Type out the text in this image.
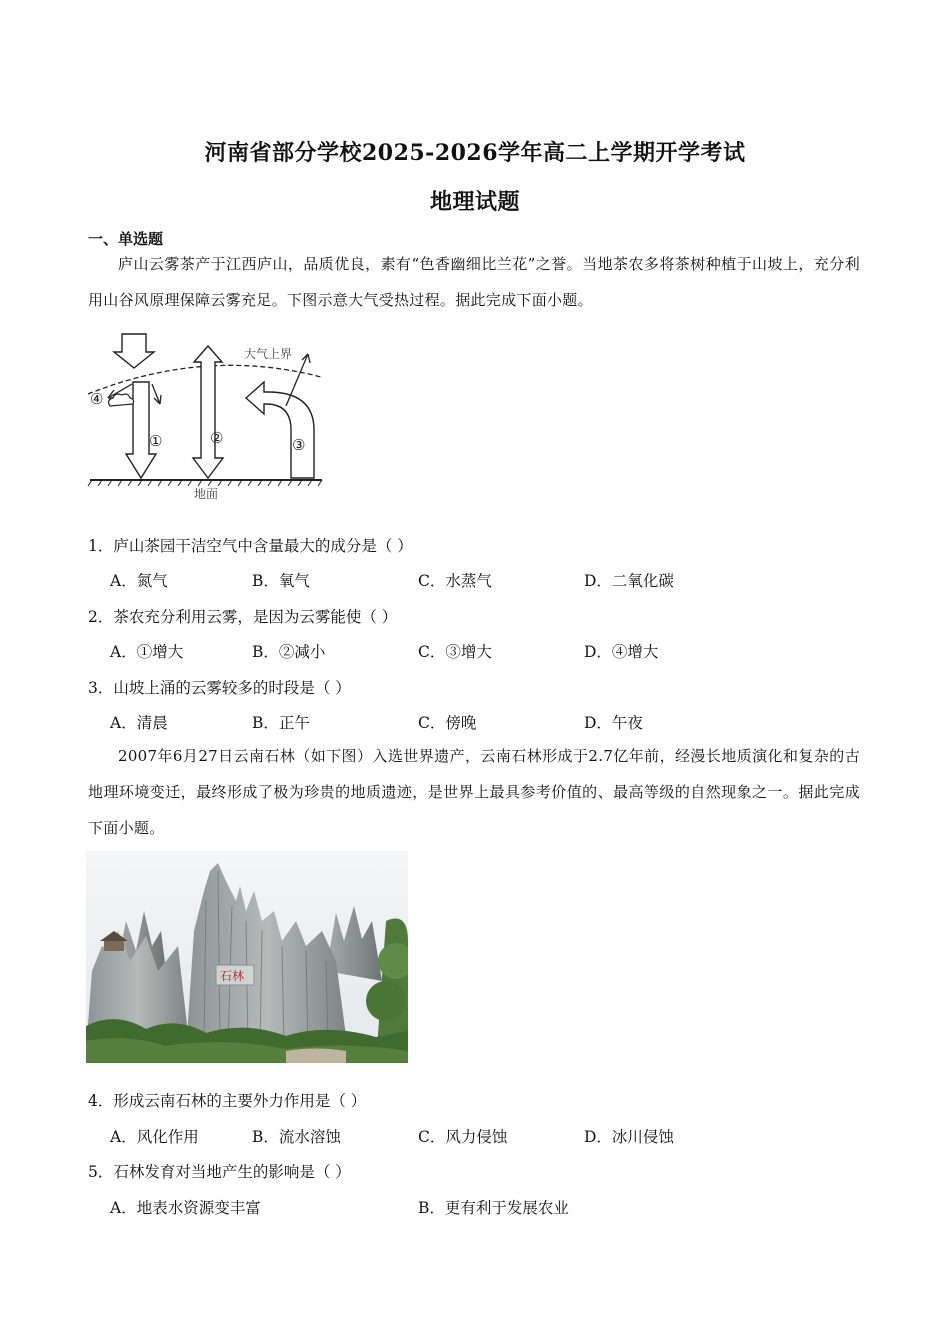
河南省部分学校2025-2026学年高二上学期开学考试
地理试题
一、单选题
庐山云雾茶产于江西庐山，品质优良，素有“色香幽细比兰花”之誉。当地茶农多将茶树种植于山坡上，充分利用山谷风原理保障云雾充足。下图示意大气受热过程。据此完成下面小题。
大气上界
①
④
②	③
地面
1．庐山茶园干洁空气中含量最大的成分是（ ）
A．氮气	B．氧气	C．水蒸气	D．二氧化碳
2．茶农充分利用云雾，是因为云雾能使（ ）
A．①增大	B．②减小	C．③增大	D．④增大
3．山坡上涌的云雾较多的时段是（ ）
A．清晨	B．正午	C．傍晚	D．午夜
2007年6月27日云南石林（如下图）入选世界遗产，云南石林形成于2.7亿年前，经漫长地质演化和复杂的古地理环境变迁，最终形成了极为珍贵的地质遗迹，是世界上最具参考价值的、最高等级的自然现象之一。据此完成下面小题。
石林
4．形成云南石林的主要外力作用是（ ）
A．风化作用	B．流水溶蚀	C．风力侵蚀	D．冰川侵蚀
5．石林发育对当地产生的影响是（ ）
A．地表水资源变丰富	B．更有利于发展农业
